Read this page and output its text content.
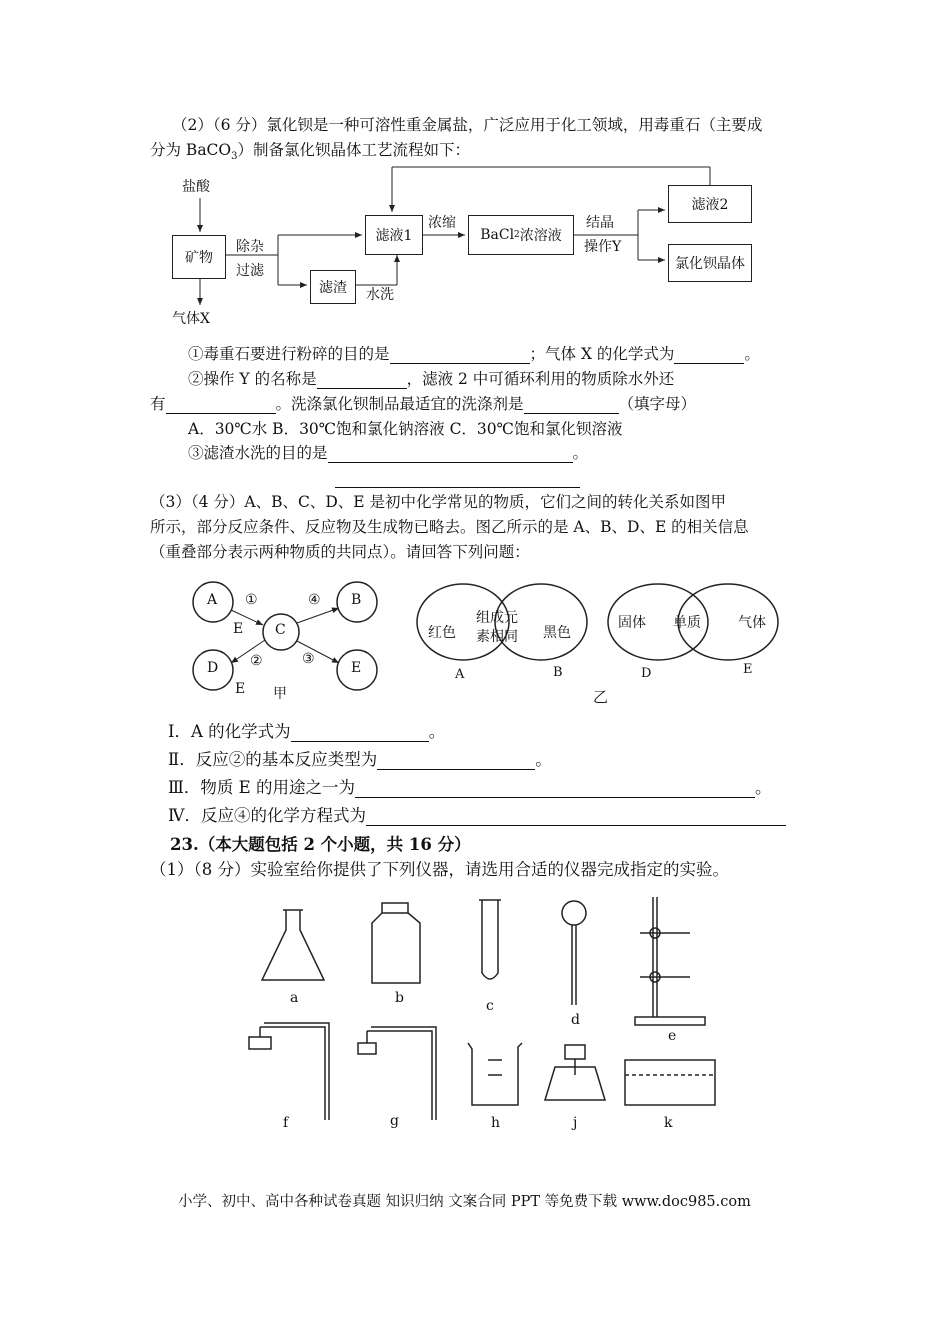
（2）（6 分）氯化钡是一种可溶性重金属盐，广泛应用于化工领域，用毒重石（主要成
分为 BaCO$_3$）制备氯化钡晶体工艺流程如下：
盐酸
矿物
气体X
除杂
过滤
滤液1
滤渣	水洗
浓缩
BaCl 2 浓溶液
结晶
操作Y
滤液2
氯化钡晶体
①毒重石要进行粉碎的目的是	；气体 X 的化学式为	。
②操作 Y 的名称是	，滤液 2 中可循环利用的物质除水外还
有	。洗涤氯化钡制品最适宜的洗涤剂是	（填字母）
A．30℃水 B．30℃饱和氯化钠溶液 C．30℃饱和氯化钡溶液
③滤渣水洗的目的是	。
（3）（4 分）A、B、C、D、E 是初中化学常见的物质，它们之间的转化关系如图甲
所示，部分反应条件、反应物及生成物已略去。图乙所示的是 A、B、D、E 的相关信息
（重叠部分表示两种物质的共同点）。请回答下列问题：
A
C
B
D	E
①	④
②	③
E
E 甲
红色
组成元
素相同 黑色
A	B
固体 单质	气体
D	E
乙
Ⅰ．A 的化学式为	。
Ⅱ．反应②的基本反应类型为	。
Ⅲ．物质 E 的用途之一为	。
Ⅳ．反应④的化学方程式为
23.（本大题包括 2 个小题，共 16 分）
（1）（8 分）实验室给你提供了下列仪器，请选用合适的仪器完成指定的实验。
a	b	c
d
e
f	g	h	j	k
小学、初中、高中各种试卷真题 知识归纳 文案合同 PPT 等免费下载 www.doc985.com
